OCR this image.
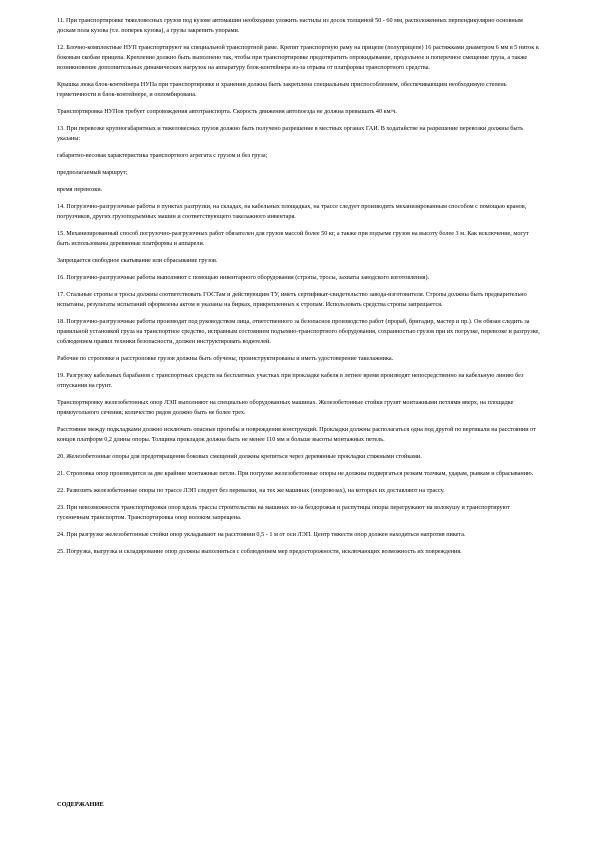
11. При транспортировке тяжеловесных грузов под кузове автомашин необходимо уложить настилы из досок толщиной 50 - 60 мм, расположенных перпендикулярно основным доскам пола кузова (т.е. поперек кузова), а грузы закрепить упорами.

12. Блочно-комплектные НУП транспортируют на специальной транспортной раме. Крепят транспортную раму на прицепе (полуприцепе) 16 растяжками диаметром 6 мм в 5 ниток к боковым скобам прицепа. Крепление должно быть выполнено так, чтобы при транспортировке предотвратить опрокидывание, продольное и поперечное смещение груза, а также возникновение дополнительных динамических нагрузок на аппаратуру блок-контейнера из-за отрыва от платформы транспортного средства.

Крышка люка блок-контейнера НУПа при транспортировке и хранении должна быть закреплена специальным приспособлением, обеспечивающим необходимую степень герметичности в блок-контейнере, и опломбирована.

Транспортировка НУПов требует сопровождения автотранспорта. Скорость движения автопоезда не должна превышать 40 км/ч.

13. При перевозке крупногабаритных и тяжеловесных грузов должно быть получено разрешение в местных органах ГАИ. В ходатайстве на разрешение перевозки должны быть указаны:

габаритно-весовая характеристика транспортного агрегата с грузом и без груза;

предполагаемый маршрут;

время перевозки.

14. Погрузочно-разгрузочные работы в пунктах разгрузки, на складах, на кабельных площадках, на трассе следует производить механизированным способом с помощью кранов, погрузчиков, других грузоподъемных машин и соответствующего такелажного инвентаря.

15. Механизированный способ погрузочно-разгрузочных работ обязателен для грузов массой более 50 кг, а также при подъеме грузов на высоту более 3 м. Как исключение, могут быть использованы деревянные платформы и аппарели.

Запрещается свободное скатывание или сбрасывание грузов.

16. Погрузочно-разгрузочные работы выполняют с помощью инвентарного оборудования (стропы, тросы, захваты заводского изготовления).

17. Стальные стропы и тросы должны соответствовать ГОСТам и действующим ТУ, иметь сертификат-свидетельство завода-изготовителя. Стропы должны быть предварительно испытаны, результаты испытаний оформлены актом и указаны на бирках, прикрепленных к стропам. Использовать средства стропы запрещается.

18. Погрузочно-разгрузочные работы производят под руководством лица, ответственного за безопасное производство работ (прораб, бригадир, мастер и пр.). Он обязан следить за правильной установкой груза на транспортное средство, исправным состоянием подъемно-транспортного оборудования, сохранностью грузов при их погрузке, перевозке и разгрузке, соблюдением правил техники безопасности, должен инструктировать водителей.

Рабочие по строповке и расстроповке грузов должны быть обучены, проинструктированы и иметь удостоверение такелажника.

19. Разгрузку кабельных барабанов с транспортных средств на бесплатных участках при прокладке кабеля в летнее время производят непосредственно на кабельную линию без отпускания на грунт.

Транспортировку железобетонных опор ЛЭП выполняют на специально оборудованных машинах. Железобетонные стойки грузят монтажными петлями вверх, на площадке прямоугольного сечения; количество рядов должно быть не более трех.

Расстояние между подкладками должно исключать опасные прогибы и повреждения конструкций. Прокладки должны располагаться одна под другой по вертикали на расстоянии от концов платформ 0,2 длины опоры. Толщина прокладок должна быть не менее 110 мм и больше высоты монтажных петель.

20. Железобетонные опоры для предотвращения боковых смещений должны крепиться через деревянные прокладки стяжными стойками.

21. Строповка опор производится за две крайние монтажные петли. При погрузке железобетонные опоры не должны подвергаться резким толчкам, ударам, рывкам и сбрасыванию.

22. Развозить железобетонные опоры по трассе ЛЭП следует без перевалки, на тех же машинах (опоровозах), на которых их доставляют на трассу.

23. При невозможности транспортировки опор вдоль трассы строительства на машинах из-за бездорожья и распутицы опоры перегружают на волокушу и транспортируют гусеничным транспортом. Транспортировка опор волоком запрещена.

24. При разгрузке железобетонные стойки опор укладывают на расстоянии 0,5 - 1 м от оси ЛЭП. Центр тяжести опор должен находиться напротив пикета.

25. Погрузка, выгрузка и складирование опор должны выполняться с соблюдением мер предосторожности, исключающих возможность их повреждения.

СОДЕРЖАНИЕ
